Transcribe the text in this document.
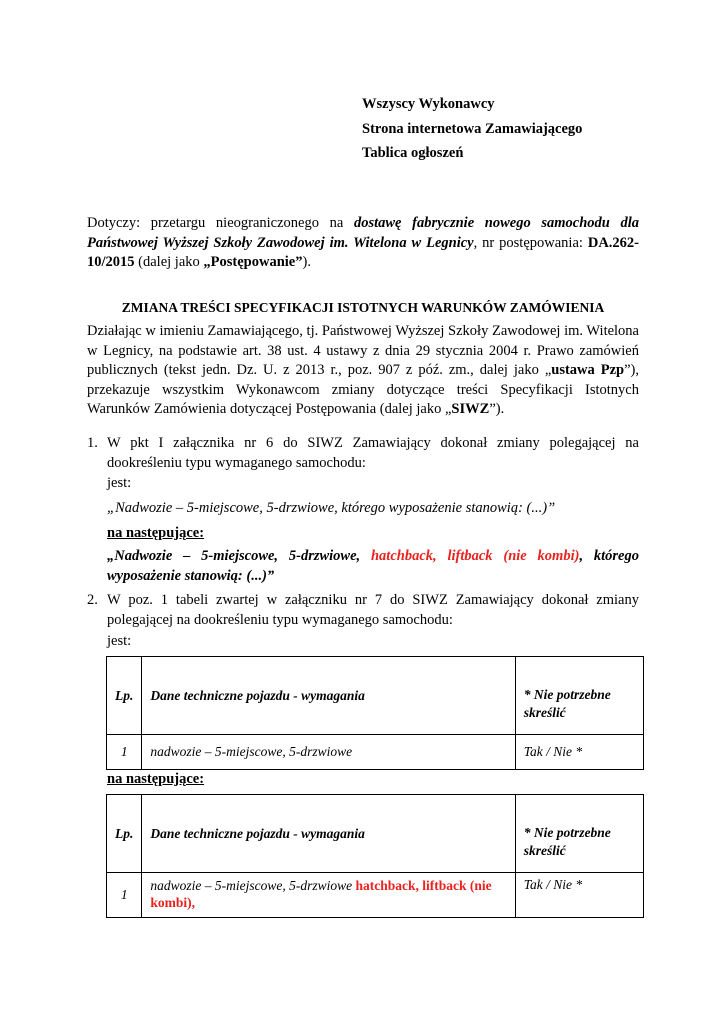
Wszyscy Wykonawcy
Strona internetowa Zamawiającego
Tablica ogłoszeń
Dotyczy: przetargu nieograniczonego na dostawę fabrycznie nowego samochodu dla Państwowej Wyższej Szkoły Zawodowej im. Witelona w Legnicy, nr postępowania: DA.262-10/2015 (dalej jako „Postępowanie”).
ZMIANA TREŚCI SPECYFIKACJI ISTOTNYCH WARUNKÓW ZAMÓWIENIA
Działając w imieniu Zamawiającego, tj. Państwowej Wyższej Szkoły Zawodowej im. Witelona w Legnicy, na podstawie art. 38 ust. 4 ustawy z dnia 29 stycznia 2004 r. Prawo zamówień publicznych (tekst jedn. Dz. U. z 2013 r., poz. 907 z póź. zm., dalej jako „ustawa Pzp”), przekazuje wszystkim Wykonawcom zmiany dotyczące treści Specyfikacji Istotnych Warunków Zamówienia dotyczącej Postępowania (dalej jako „SIWZ”).
1. W pkt I załącznika nr 6 do SIWZ Zamawiający dokonał zmiany polegającej na dookreśleniu typu wymaganego samochodu:
jest:
„Nadwozie – 5-miejscowe, 5-drzwiowe, którego wyposażenie stanowią: (...)”
na następujące:
„Nadwozie – 5-miejscowe, 5-drzwiowe, hatchback, liftback (nie kombi), którego wyposażenie stanowią: (...)”
2. W poz. 1 tabeli zwartej w załączniku nr 7 do SIWZ Zamawiający dokonał zmiany polegającej na dookreśleniu typu wymaganego samochodu:
jest:
Lp.	Dane techniczne pojazdu - wymagania	* Nie potrzebne skreślić
1	nadwozie – 5-miejscowe, 5-drzwiowe	Tak / Nie *
na następujące:
Lp.	Dane techniczne pojazdu - wymagania	* Nie potrzebne skreślić
1	nadwozie – 5-miejscowe, 5-drzwiowe hatchback, liftback (nie kombi),	Tak / Nie *
